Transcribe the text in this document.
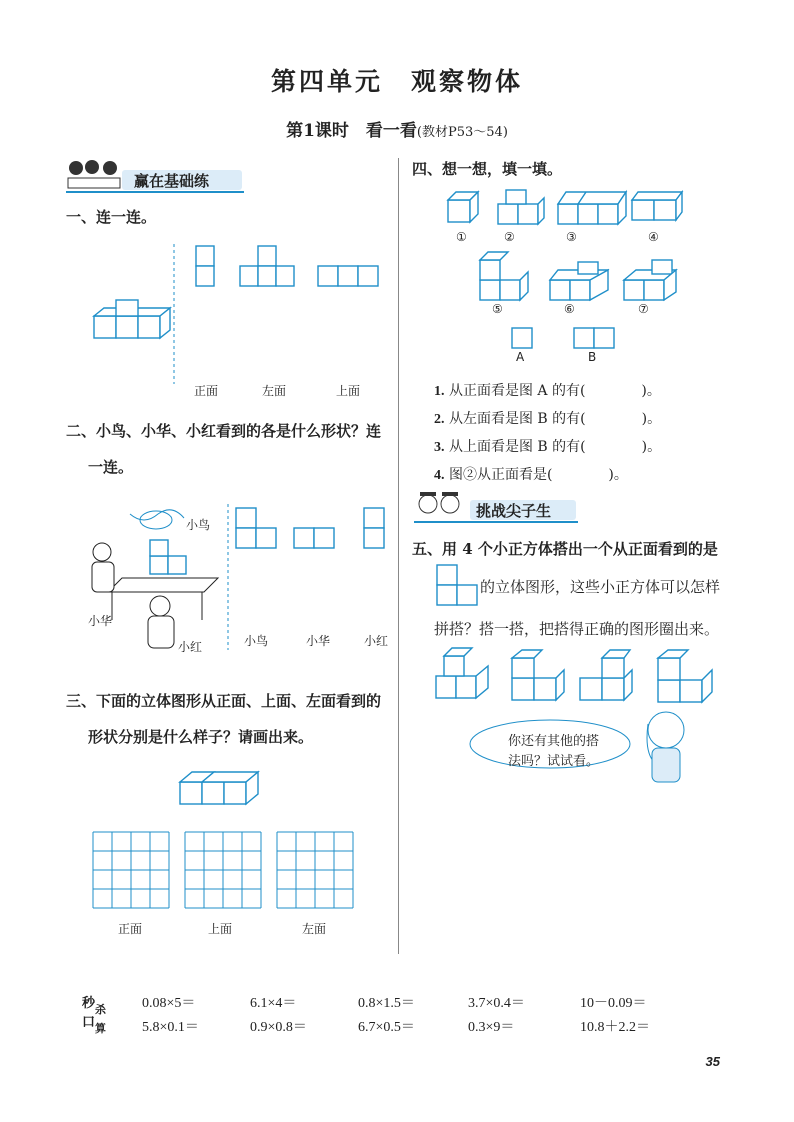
第四单元　观察物体
第1课时　看一看(教材P53～54)
赢在基础练
一、连一连。
正面	左面	上面
二、小鸟、小华、小红看到的各是什么形状？连
一连。
小鸟
小华
小红	小鸟	小华	小红
三、下面的立体图形从正面、上面、左面看到的
形状分别是什么样子？请画出来。
正面	上面	左面
四、想一想，填一填。
①	②	③	④
⑤	⑥	⑦
A	B
1. 从正面看是图 A 的有(　　　　)。
2. 从左面看是图 B 的有(　　　　)。
3. 从上面看是图 B 的有(　　　　)。
4. 图②从正面看是(　　　　)。
挑战尖子生
五、用 4 个小正方体搭出一个从正面看到的是
的立体图形，这些小正方体可以怎样
拼搭？搭一搭，把搭得正确的图形圈出来。
你还有其他的搭
法吗？试试看。
秒$_杀$
口$_算$
0.08×5＝	6.1×4＝	0.8×1.5＝	3.7×0.4＝	10－0.09＝
5.8×0.1＝	0.9×0.8＝	6.7×0.5＝	0.3×9＝	10.8＋2.2＝
35
